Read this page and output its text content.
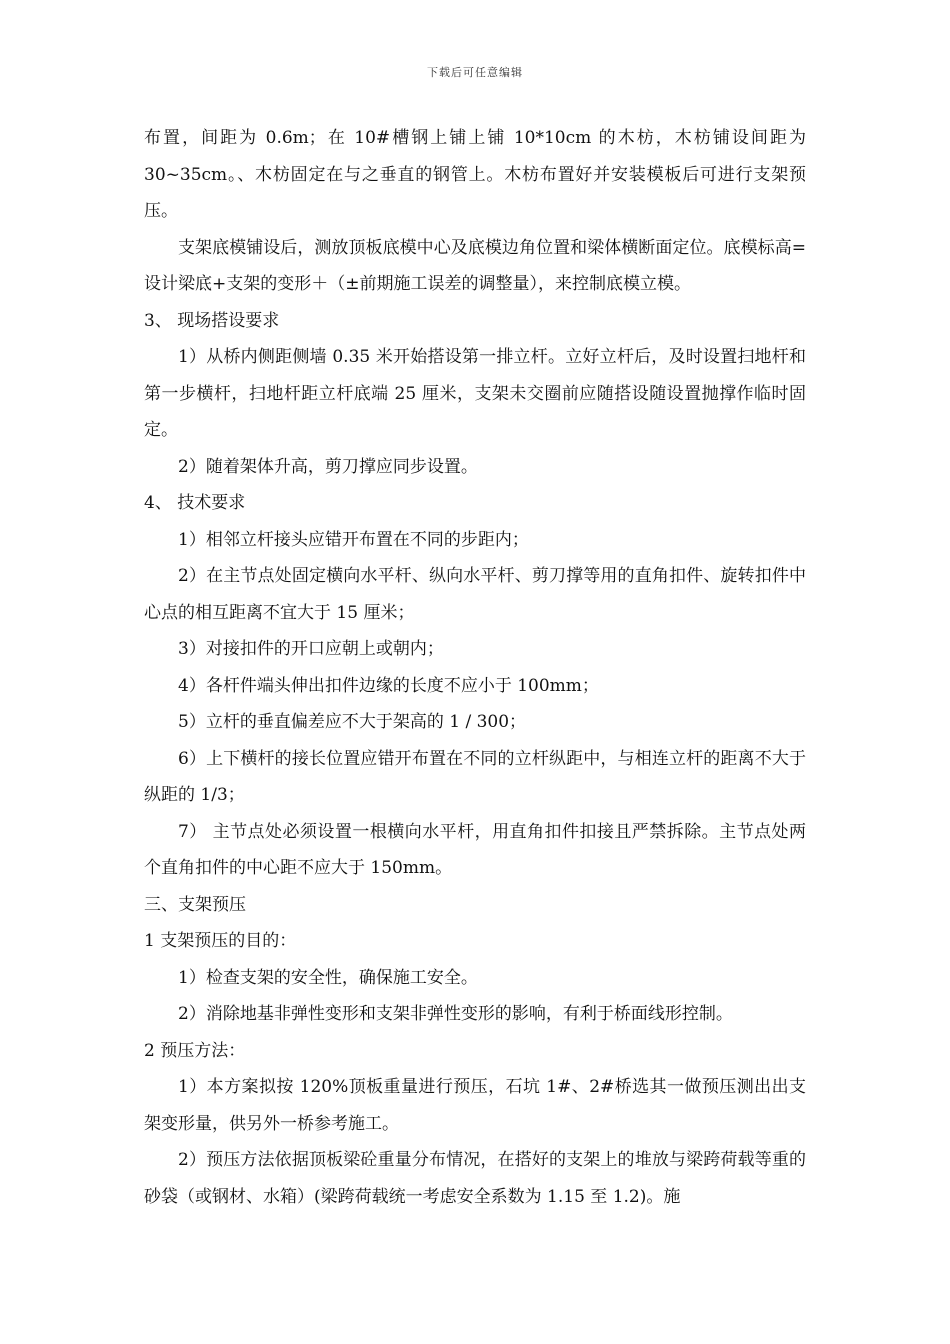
下载后可任意编辑

布置，间距为 0.6m；在 10#槽钢上铺上铺 10*10cm 的木枋，木枋铺设间距为 30~35cm。、木枋固定在与之垂直的钢管上。木枋布置好并安装模板后可进行支架预压。

支架底模铺设后，测放顶板底模中心及底模边角位置和梁体横断面定位。底模标高=设计梁底+支架的变形＋（±前期施工误差的调整量），来控制底模立模。

3、 现场搭设要求

1）从桥内侧距侧墙 0.35 米开始搭设第一排立杆。立好立杆后，及时设置扫地杆和第一步横杆，扫地杆距立杆底端 25 厘米，支架未交圈前应随搭设随设置抛撑作临时固定。

2）随着架体升高，剪刀撑应同步设置。

4、 技术要求

1）相邻立杆接头应错开布置在不同的步距内；

2）在主节点处固定横向水平杆、纵向水平杆、剪刀撑等用的直角扣件、旋转扣件中心点的相互距离不宜大于 15 厘米；

3）对接扣件的开口应朝上或朝内；

4）各杆件端头伸出扣件边缘的长度不应小于 100mm；

5）立杆的垂直偏差应不大于架高的 1 / 300；

6）上下横杆的接长位置应错开布置在不同的立杆纵距中，与相连立杆的距离不大于纵距的 1/3；

7） 主节点处必须设置一根横向水平杆，用直角扣件扣接且严禁拆除。主节点处两个直角扣件的中心距不应大于 150mm。

三、支架预压

1 支架预压的目的：

1）检查支架的安全性，确保施工安全。

2）消除地基非弹性变形和支架非弹性变形的影响，有利于桥面线形控制。

2 预压方法：

1）本方案拟按 120%顶板重量进行预压，石坑 1#、2#桥选其一做预压测出出支架变形量，供另外一桥参考施工。

2）预压方法依据顶板梁砼重量分布情况，在搭好的支架上的堆放与梁跨荷载等重的砂袋（或钢材、水箱）(梁跨荷载统一考虑安全系数为 1.15 至 1.2)。施
